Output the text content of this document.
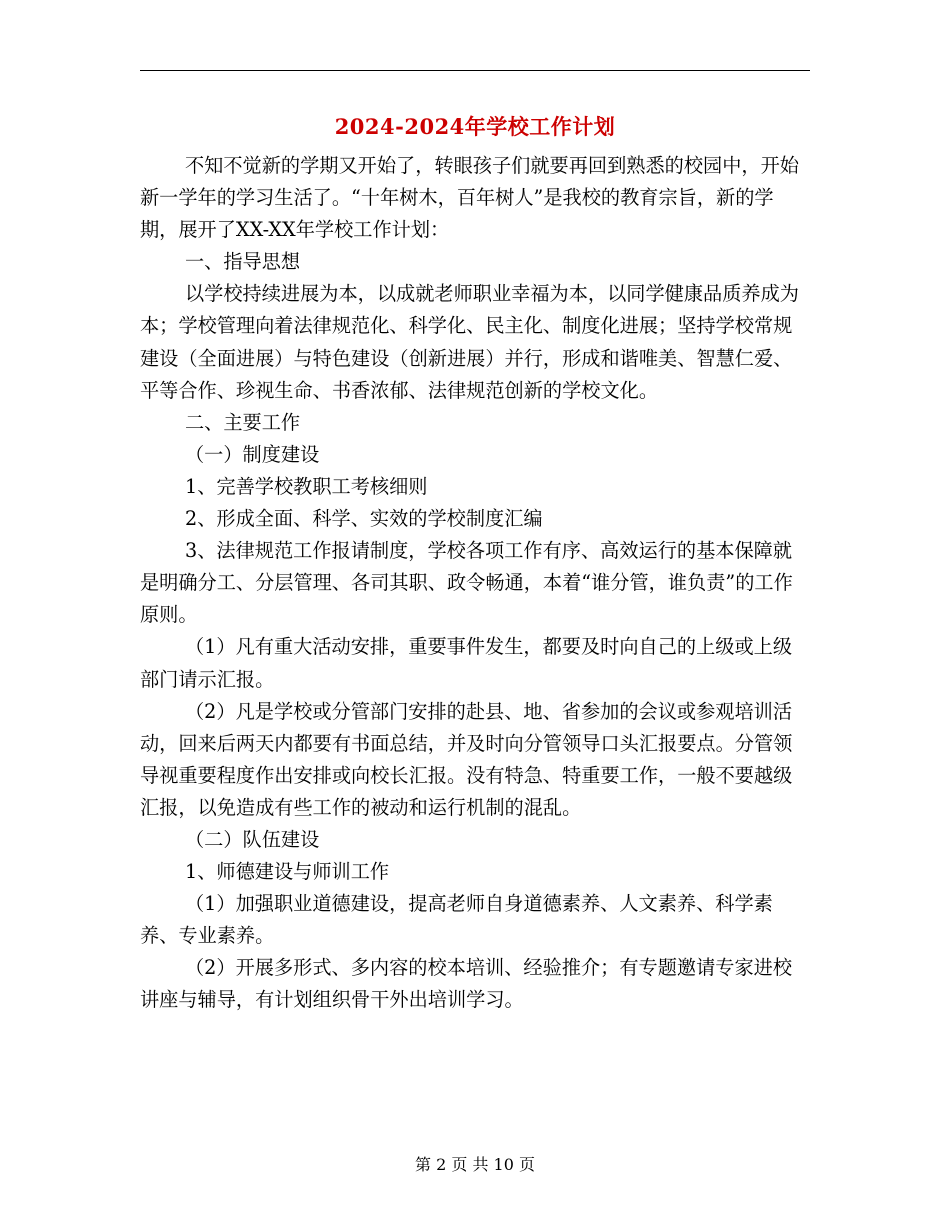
2024-2024年学校工作计划

不知不觉新的学期又开始了，转眼孩子们就要再回到熟悉的校园中，开始新一学年的学习生活了。“十年树木，百年树人”是我校的教育宗旨，新的学期，展开了XX-XX年学校工作计划：

一、指导思想

以学校持续进展为本，以成就老师职业幸福为本，以同学健康品质养成为本；学校管理向着法律规范化、科学化、民主化、制度化进展；坚持学校常规建设（全面进展）与特色建设（创新进展）并行，形成和谐唯美、智慧仁爱、平等合作、珍视生命、书香浓郁、法律规范创新的学校文化。

二、主要工作

（一）制度建设

1、完善学校教职工考核细则

2、形成全面、科学、实效的学校制度汇编

3、法律规范工作报请制度，学校各项工作有序、高效运行的基本保障就是明确分工、分层管理、各司其职、政令畅通，本着“谁分管，谁负责”的工作原则。

（1）凡有重大活动安排，重要事件发生，都要及时向自己的上级或上级部门请示汇报。

（2）凡是学校或分管部门安排的赴县、地、省参加的会议或参观培训活动，回来后两天内都要有书面总结，并及时向分管领导口头汇报要点。分管领导视重要程度作出安排或向校长汇报。没有特急、特重要工作，一般不要越级汇报，以免造成有些工作的被动和运行机制的混乱。

（二）队伍建设

1、师德建设与师训工作

（1）加强职业道德建设，提高老师自身道德素养、人文素养、科学素养、专业素养。

（2）开展多形式、多内容的校本培训、经验推介；有专题邀请专家进校讲座与辅导，有计划组织骨干外出培训学习。

第 2 页 共 10 页
